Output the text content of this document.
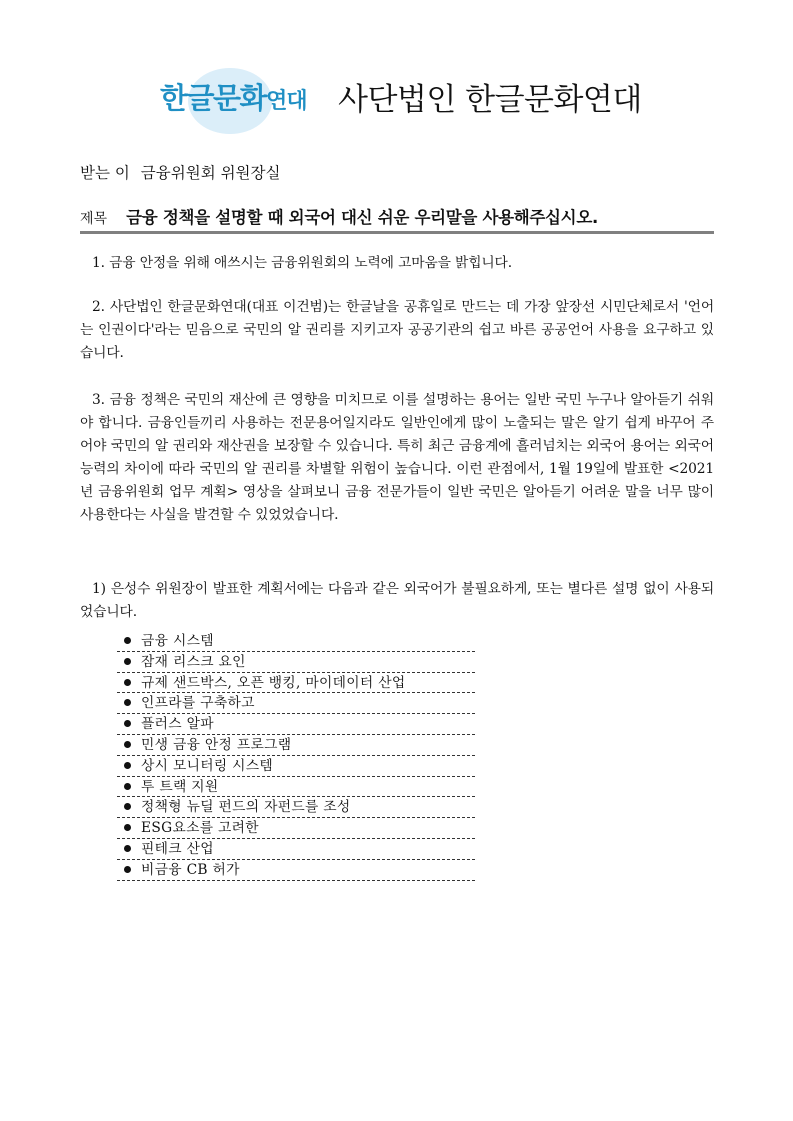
한글문화연대 사단법인 한글문화연대
받는 이 금융위원회 위원장실
제목 금융 정책을 설명할 때 외국어 대신 쉬운 우리말을 사용해주십시오.

1. 금융 안정을 위해 애쓰시는 금융위원회의 노력에 고마움을 밝힙니다.

2. 사단법인 한글문화연대(대표 이건범)는 한글날을 공휴일로 만드는 데 가장 앞장선 시민단체로서 '언어는 인권이다'라는 믿음으로 국민의 알 권리를 지키고자 공공기관의 쉽고 바른 공공언어 사용을 요구하고 있습니다.

3. 금융 정책은 국민의 재산에 큰 영향을 미치므로 이를 설명하는 용어는 일반 국민 누구나 알아듣기 쉬워야 합니다. 금융인들끼리 사용하는 전문용어일지라도 일반인에게 많이 노출되는 말은 알기 쉽게 바꾸어 주어야 국민의 알 권리와 재산권을 보장할 수 있습니다. 특히 최근 금융계에 흘러넘치는 외국어 용어는 외국어 능력의 차이에 따라 국민의 알 권리를 차별할 위험이 높습니다. 이런 관점에서, 1월 19일에 발표한 <2021년 금융위원회 업무 계획> 영상을 살펴보니 금융 전문가들이 일반 국민은 알아듣기 어려운 말을 너무 많이 사용한다는 사실을 발견할 수 있었었습니다.

1) 은성수 위원장이 발표한 계획서에는 다음과 같은 외국어가 불필요하게, 또는 별다른 설명 없이 사용되었습니다.

금융 시스템
잠재 리스크 요인
규제 샌드박스, 오픈 뱅킹, 마이데이터 산업
인프라를 구축하고
플러스 알파
민생 금융 안정 프로그램
상시 모니터링 시스템
투 트랙 지원
정책형 뉴딜 펀드의 자펀드를 조성
ESG요소를 고려한
핀테크 산업
비금융 CB 허가
